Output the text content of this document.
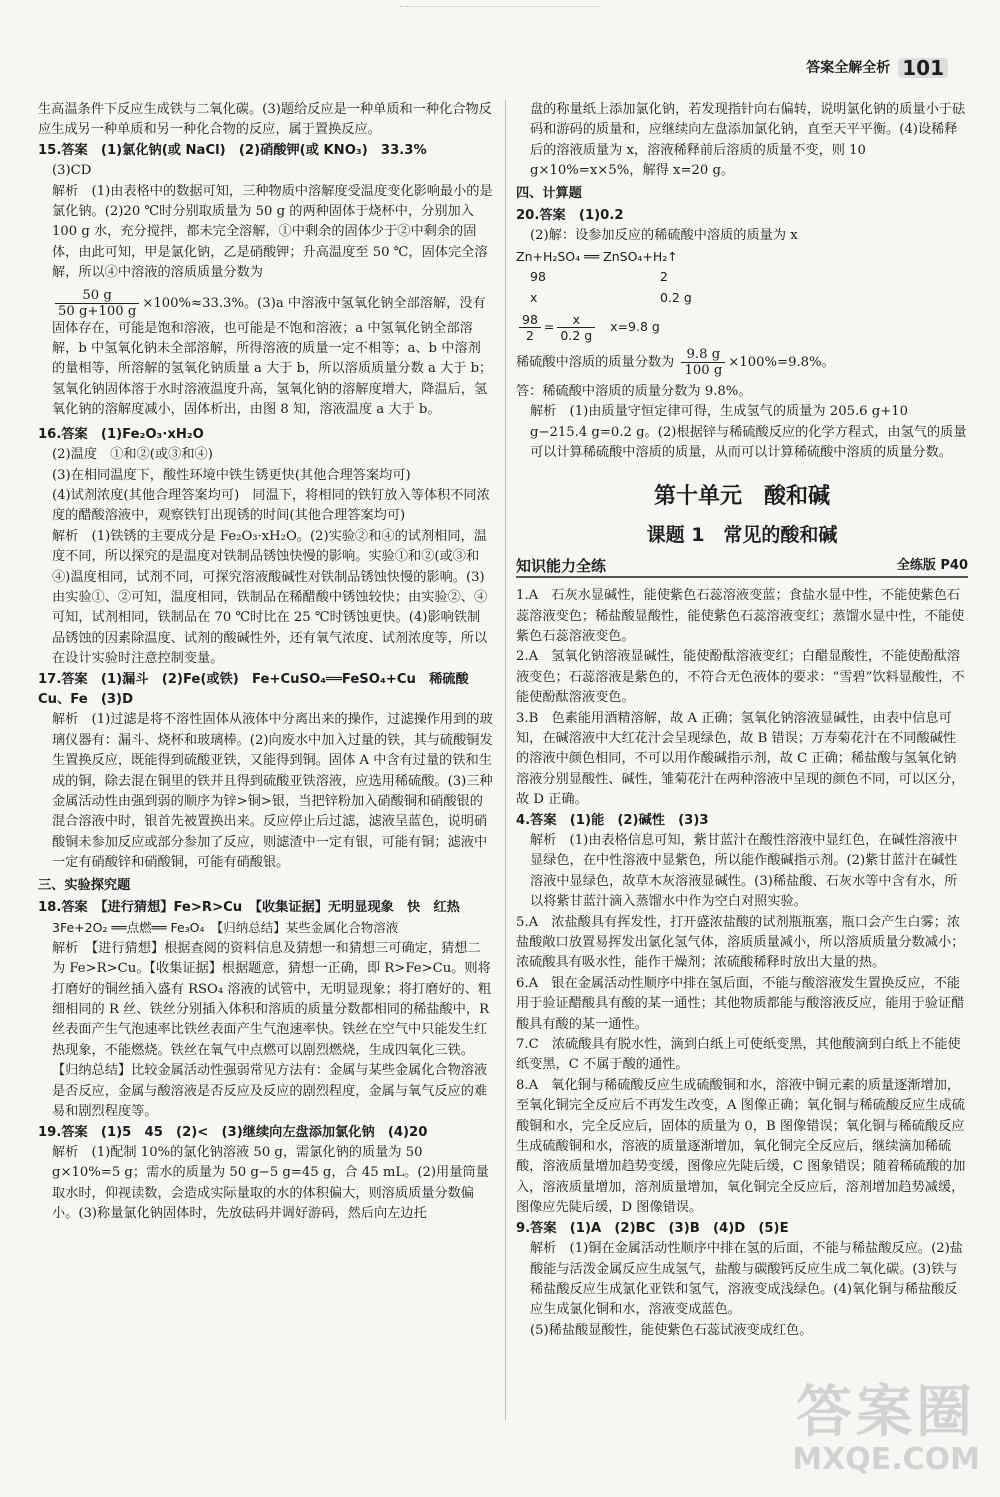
答案全解全析 101

生高温条件下反应生成铁与二氧化碳。(3)题给反应是一种单质和一种化合物反应生成另一种单质和另一种化合物的反应，属于置换反应。

15.答案　(1)氯化钠(或 NaCl)　(2)硝酸钾(或 KNO₃)　33.3%

(3)CD

解析　(1)由表格中的数据可知，三种物质中溶解度受温度变化影响最小的是氯化钠。(2)20 ℃时分别取质量为 50 g 的两种固体于烧杯中，分别加入 100 g 水，充分搅拌，都未完全溶解，①中剩余的固体少于②中剩余的固体，由此可知，甲是氯化钠，乙是硝酸钾；升高温度至 50 ℃，固体完全溶解，所以④中溶液的溶质质量分数为

$\frac{50 g}{50 g+100 g} \times 100\%\approx 33.3\%$。(3)a 中溶液中氢氧化钠全部溶解，没有固体存在，可能是饱和溶液，也可能是不饱和溶液；a 中氢氧化钠全部溶解，b 中氢氧化钠未全部溶解，所得溶液的质量一定不相等；a、b 中溶剂的量相等，所溶解的氢氧化钠质量 a 大于 b，所以溶质质量分数 a 大于 b；氢氧化钠固体溶于水时溶液温度升高，氢氧化钠的溶解度增大，降温后，氢氧化钠的溶解度减小，固体析出，由图 8 知，溶液温度 a 大于 b。

16.答案　(1)Fe₂O₃·xH₂O

(2)温度　①和②(或③和④)

(3)在相同温度下，酸性环境中铁生锈更快(其他合理答案均可)

(4)试剂浓度(其他合理答案均可)　同温下，将相同的铁钉放入等体积不同浓度的醋酸溶液中，观察铁钉出现锈的时间(其他合理答案均可)

解析　(1)铁锈的主要成分是 Fe₂O₃·xH₂O。(2)实验②和④的试剂相同，温度不同，所以探究的是温度对铁制品锈蚀快慢的影响。实验①和②(或③和④)温度相同，试剂不同，可探究溶液酸碱性对铁制品锈蚀快慢的影响。(3)由实验①、②可知，温度相同，铁制品在稀醋酸中锈蚀较快；由实验②、④可知，试剂相同，铁制品在 70 ℃时比在 25 ℃时锈蚀更快。(4)影响铁制品锈蚀的因素除温度、试剂的酸碱性外，还有氧气浓度、试剂浓度等，所以在设计实验时注意控制变量。

17.答案　(1)漏斗　(2)Fe(或铁)　Fe+CuSO₄══FeSO₄+Cu　稀硫酸　Cu、Fe　(3)D

解析　(1)过滤是将不溶性固体从液体中分离出来的操作，过滤操作用到的玻璃仪器有：漏斗、烧杯和玻璃棒。(2)向废水中加入过量的铁，其与硫酸铜发生置换反应，既能得到硫酸亚铁，又能得到铜。固体 A 中含有过量的铁和生成的铜，除去混在铜里的铁并且得到硫酸亚铁溶液，应选用稀硫酸。(3)三种金属活动性由强到弱的顺序为锌>铜>银，当把锌粉加入硝酸铜和硝酸银的混合溶液中时，银首先被置换出来。反应停止后过滤，滤液呈蓝色，说明硝酸铜未参加反应或部分参加了反应，则滤渣中一定有银，可能有铜；滤液中一定有硝酸锌和硝酸铜，可能有硝酸银。

三、实验探究题

18.答案　【进行猜想】Fe>R>Cu　【收集证据】无明显现象　快　红热

3Fe+2O₂ ══点燃══ Fe₃O₄　【归纳总结】某些金属化合物溶液

解析　【进行猜想】根据查阅的资料信息及猜想一和猜想三可确定，猜想二为 Fe>R>Cu。【收集证据】根据题意，猜想一正确，即 R>Fe>Cu。则将打磨好的铜丝插入盛有 RSO₄ 溶液的试管中，无明显现象；将打磨好的、粗细相同的 R 丝、铁丝分别插入体积和溶质的质量分数都相同的稀盐酸中，R 丝表面产生气泡速率比铁丝表面产生气泡速率快。铁丝在空气中只能发生红热现象，不能燃烧。铁丝在氧气中点燃可以剧烈燃烧，生成四氧化三铁。【归纳总结】比较金属活动性强弱常见方法有：金属与某些金属化合物溶液是否反应，金属与酸溶液是否反应及反应的剧烈程度，金属与氧气反应的难易和剧烈程度等。

19.答案　(1)5　45　(2)<　(3)继续向左盘添加氯化钠　(4)20

解析　(1)配制 10%的氯化钠溶液 50 g，需氯化钠的质量为 50 g×10%=5 g；需水的质量为 50 g−5 g=45 g，合 45 mL。(2)用量筒量取水时，仰视读数，会造成实际量取的水的体积偏大，则溶质质量分数偏小。(3)称量氯化钠固体时，先放砝码并调好游码，然后向左边托

盘的称量纸上添加氯化钠，若发现指针向右偏转，说明氯化钠的质量小于砝码和游码的质量和，应继续向左盘添加氯化钠，直至天平平衡。(4)设稀释后的溶液质量为 x，溶液稀释前后溶质的质量不变，则 10 g×10%=x×5%，解得 x=20 g。

四、计算题

20.答案　(1)0.2

(2)解：设参加反应的稀硫酸中溶质的质量为 x

Zn+H₂SO₄ ══ ZnSO₄+H₂↑

98	2
x	0.2 g
$\frac{98}{2} = \frac{x}{0.2 g} x=9.8$ g
稀硫酸中溶质的质量分数为 $\frac{9.8 g}{100 g} \times 100\%=9.8\%$。

答：稀硫酸中溶质的质量分数为 9.8%。

解析　(1)由质量守恒定律可得，生成氢气的质量为 205.6 g+10 g−215.4 g=0.2 g。(2)根据锌与稀硫酸反应的化学方程式，由氢气的质量可以计算稀硫酸中溶质的质量，从而可以计算稀硫酸中溶质的质量分数。

第十单元　酸和碱
课题 1　常见的酸和碱
知识能力全练	全练版 P40

1.A　石灰水显碱性，能使紫色石蕊溶液变蓝；食盐水显中性，不能使紫色石蕊溶液变色；稀盐酸显酸性，能使紫色石蕊溶液变红；蒸馏水显中性，不能使紫色石蕊溶液变色。

2.A　氢氧化钠溶液显碱性，能使酚酞溶液变红；白醋显酸性，不能使酚酞溶液变色；石蕊溶液是紫色的，不符合无色液体的要求：“雪碧”饮料显酸性，不能使酚酞溶液变色。

3.B　色素能用酒精溶解，故 A 正确；氢氧化钠溶液显碱性，由表中信息可知，在碱溶液中大红花汁会呈现绿色，故 B 错误；万寿菊花汁在不同酸碱性的溶液中颜色相同，不可以用作酸碱指示剂，故 C 正确；稀盐酸与氢氧化钠溶液分别显酸性、碱性，雏菊花汁在两种溶液中呈现的颜色不同，可以区分，故 D 正确。

4.答案　(1)能　(2)碱性　(3)3

解析　(1)由表格信息可知，紫甘蓝汁在酸性溶液中显红色，在碱性溶液中显绿色，在中性溶液中显紫色，所以能作酸碱指示剂。(2)紫甘蓝汁在碱性溶液中显绿色，故草木灰溶液显碱性。(3)稀盐酸、石灰水等中含有水，所以将紫甘蓝汁滴入蒸馏水中作为空白对照实验。

5.A　浓盐酸具有挥发性，打开盛浓盐酸的试剂瓶瓶塞，瓶口会产生白雾；浓盐酸敞口放置易挥发出氯化氢气体，溶质质量减小，所以溶质质量分数减小；浓硫酸具有吸水性，能作干燥剂；浓硫酸稀释时放出大量的热。

6.A　银在金属活动性顺序中排在氢后面，不能与酸溶液发生置换反应，不能用于验证醋酸具有酸的某一通性；其他物质都能与酸溶液反应，能用于验证醋酸具有酸的某一通性。

7.C　浓硫酸具有脱水性，滴到白纸上可使纸变黑，其他酸滴到白纸上不能使纸变黑，C 不属于酸的通性。

8.A　氧化铜与稀硫酸反应生成硫酸铜和水，溶液中铜元素的质量逐渐增加，至氧化铜完全反应后不再发生改变，A 图像正确；氧化铜与稀硫酸反应生成硫酸铜和水，完全反应后，固体的质量为 0，B 图像错误；氧化铜与稀硫酸反应生成硫酸铜和水，溶液的质量逐渐增加，氧化铜完全反应后，继续滴加稀硫酸，溶液质量增加趋势变缓，图像应先陡后缓，C 图象错误；随着稀硫酸的加入，溶液质量增加，溶剂质量增加，氧化铜完全反应后，溶剂增加趋势减缓，图像应先陡后缓，D 图像错误。

9.答案　(1)A　(2)BC　(3)B　(4)D　(5)E

解析　(1)铜在金属活动性顺序中排在氢的后面，不能与稀盐酸反应。(2)盐酸能与活泼金属反应生成氢气，盐酸与碳酸钙反应生成二氧化碳。(3)铁与稀盐酸反应生成氯化亚铁和氢气，溶液变成浅绿色。(4)氧化铜与稀盐酸反应生成氯化铜和水，溶液变成蓝色。

(5)稀盐酸显酸性，能使紫色石蕊试液变成红色。

答案圈
MXQE.COM
